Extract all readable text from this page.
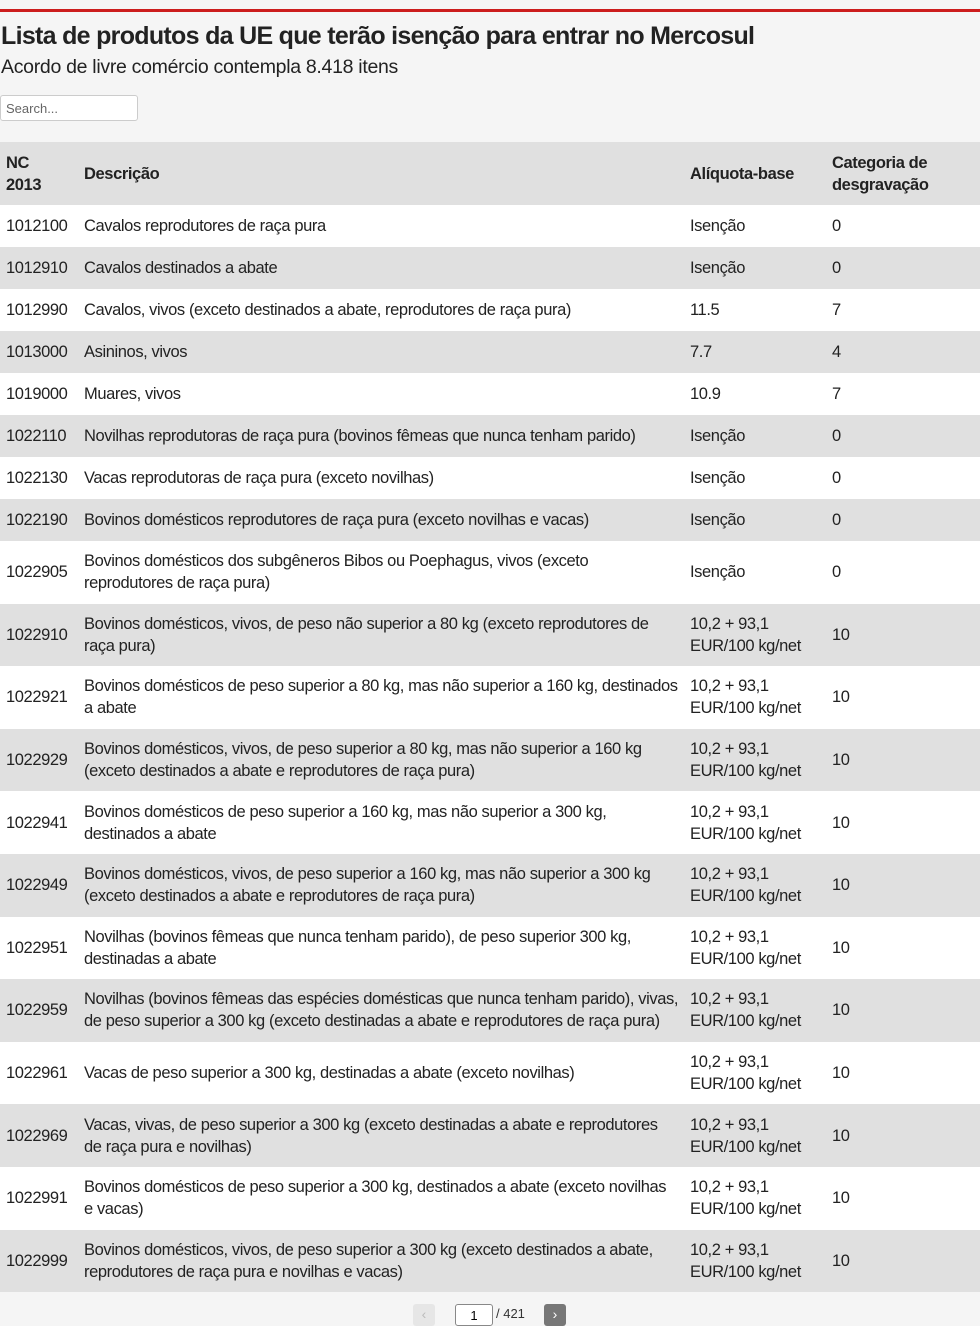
Lista de produtos da UE que terão isenção para entrar no Mercosul
Acordo de livre comércio contempla 8.418 itens
Search...
NC 2013	Descrição	Alíquota-base	Categoria de desgravação
1012100	Cavalos reprodutores de raça pura	Isenção	0
1012910	Cavalos destinados a abate	Isenção	0
1012990	Cavalos, vivos (exceto destinados a abate, reprodutores de raça pura)	11.5	7
1013000	Asininos, vivos	7.7	4
1019000	Muares, vivos	10.9	7
1022110	Novilhas reprodutoras de raça pura (bovinos fêmeas que nunca tenham parido)	Isenção	0
1022130	Vacas reprodutoras de raça pura (exceto novilhas)	Isenção	0
1022190	Bovinos domésticos reprodutores de raça pura (exceto novilhas e vacas)	Isenção	0
1022905	Bovinos domésticos dos subgêneros Bibos ou Poephagus, vivos (exceto reprodutores de raça pura)	Isenção	0
1022910	Bovinos domésticos, vivos, de peso não superior a 80 kg (exceto reprodutores de raça pura)	10,2 + 93,1 EUR/100 kg/net	10
1022921	Bovinos domésticos de peso superior a 80 kg, mas não superior a 160 kg, destinados a abate	10,2 + 93,1 EUR/100 kg/net	10
1022929	Bovinos domésticos, vivos, de peso superior a 80 kg, mas não superior a 160 kg (exceto destinados a abate e reprodutores de raça pura)	10,2 + 93,1 EUR/100 kg/net	10
1022941	Bovinos domésticos de peso superior a 160 kg, mas não superior a 300 kg, destinados a abate	10,2 + 93,1 EUR/100 kg/net	10
1022949	Bovinos domésticos, vivos, de peso superior a 160 kg, mas não superior a 300 kg (exceto destinados a abate e reprodutores de raça pura)	10,2 + 93,1 EUR/100 kg/net	10
1022951	Novilhas (bovinos fêmeas que nunca tenham parido), de peso superior 300 kg, destinadas a abate	10,2 + 93,1 EUR/100 kg/net	10
1022959	Novilhas (bovinos fêmeas das espécies domésticas que nunca tenham parido), vivas, de peso superior a 300 kg (exceto destinadas a abate e reprodutores de raça pura)	10,2 + 93,1 EUR/100 kg/net	10
1022961	Vacas de peso superior a 300 kg, destinadas a abate (exceto novilhas)	10,2 + 93,1 EUR/100 kg/net	10
1022969	Vacas, vivas, de peso superior a 300 kg (exceto destinadas a abate e reprodutores de raça pura e novilhas)	10,2 + 93,1 EUR/100 kg/net	10
1022991	Bovinos domésticos de peso superior a 300 kg, destinados a abate (exceto novilhas e vacas)	10,2 + 93,1 EUR/100 kg/net	10
1022999	Bovinos domésticos, vivos, de peso superior a 300 kg (exceto destinados a abate, reprodutores de raça pura e novilhas e vacas)	10,2 + 93,1 EUR/100 kg/net	10
‹
1	/ 421	›
